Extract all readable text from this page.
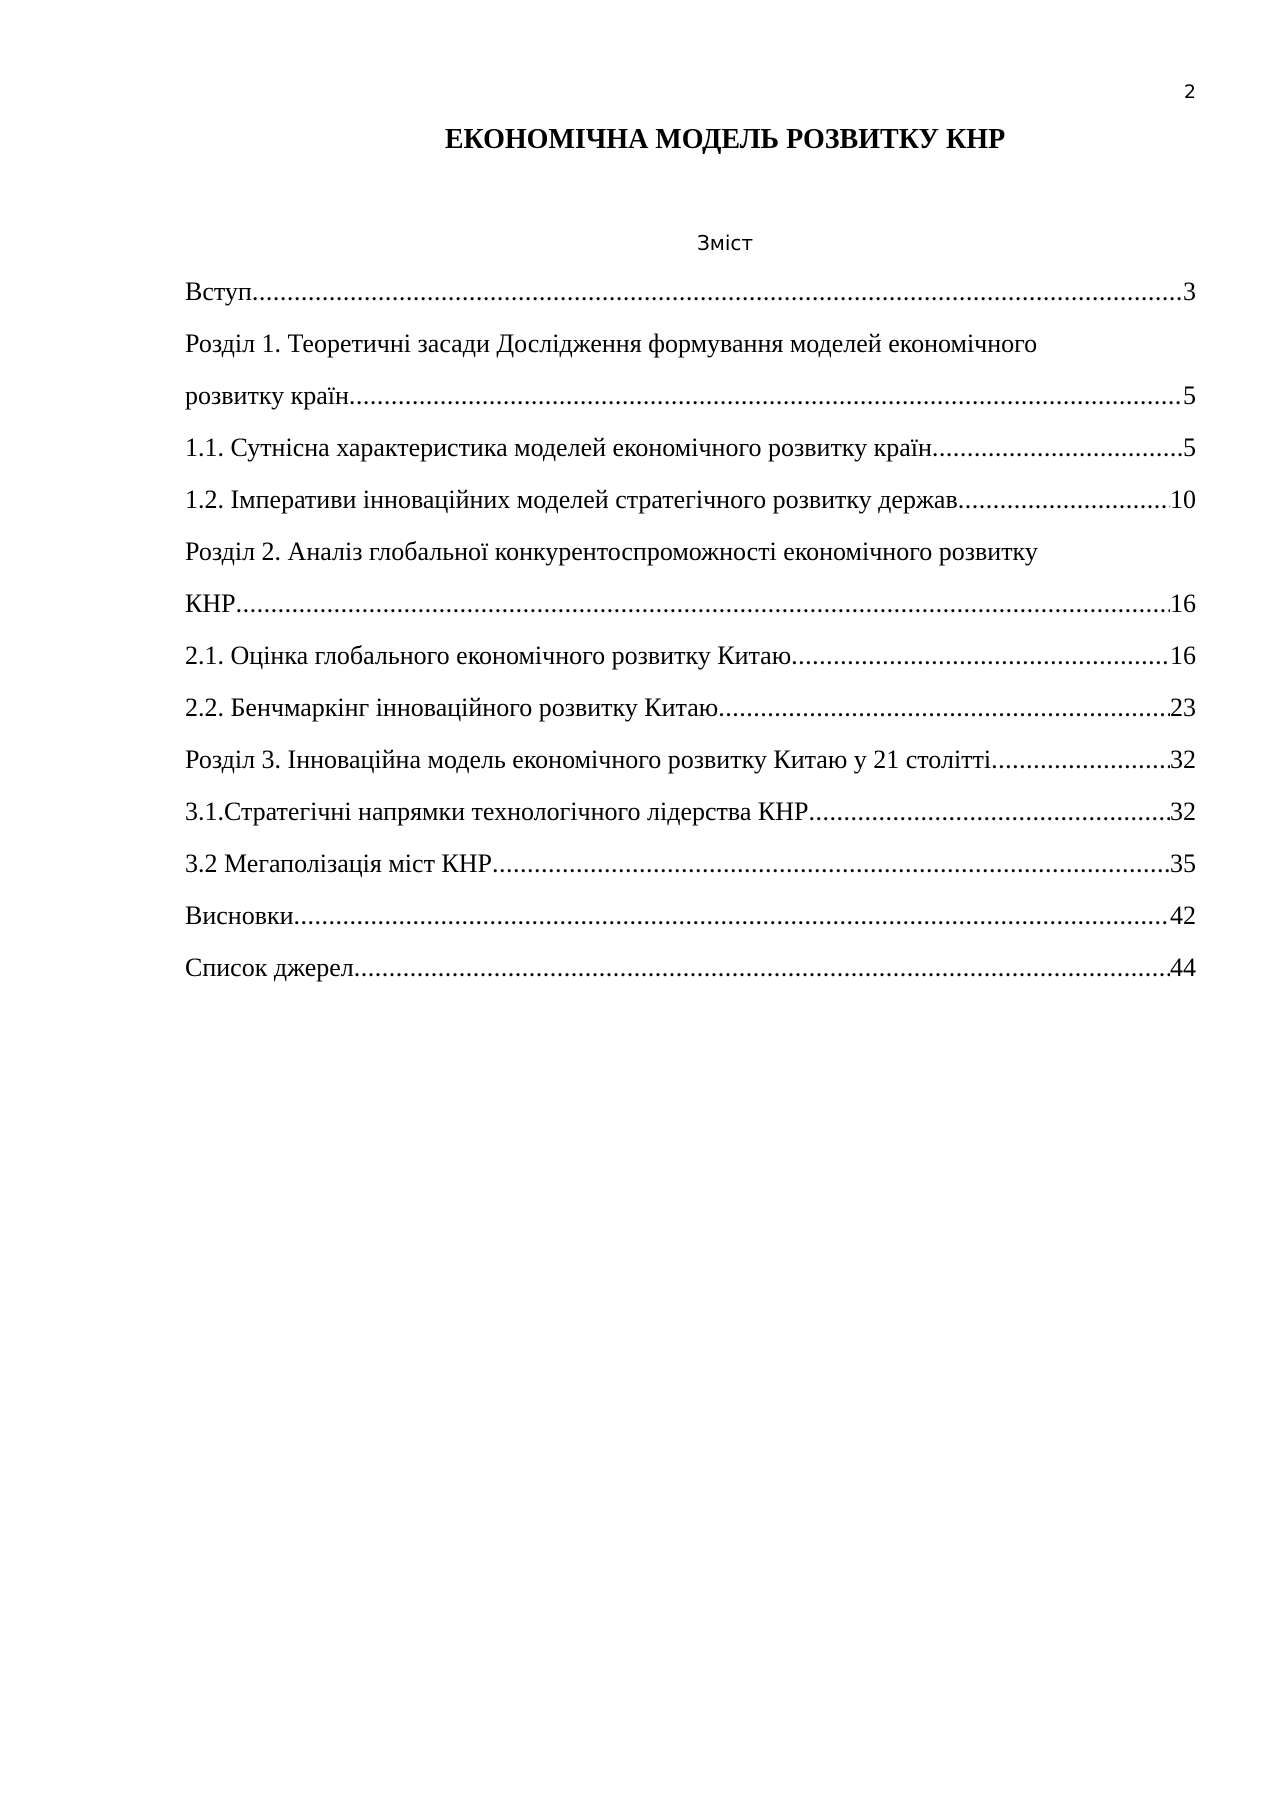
2
ЕКОНОМІЧНА МОДЕЛЬ РОЗВИТКУ КНР
Зміст
Вступ .....	3
Розділ 1. Теоретичні засади Дослідження формування моделей економічного
розвитку країн .....	5
1.1. Сутнісна характеристика моделей економічного розвитку країн .....	5
1.2. Імперативи інноваційних моделей стратегічного розвитку держав .....	10
Розділ 2. Аналіз глобальної конкурентоспроможності економічного розвитку
КНР .....	16
2.1. Оцінка глобального економічного розвитку Китаю .....	16
2.2. Бенчмаркінг інноваційного розвитку Китаю .....	23
Розділ 3. Інноваційна модель економічного розвитку Китаю у 21 столітті .....	32
3.1.Стратегічні напрямки технологічного лідерства КНР .....	32
3.2 Мегаполізація міст КНР .....	35
Висновки .....	42
Список джерел .....	44
